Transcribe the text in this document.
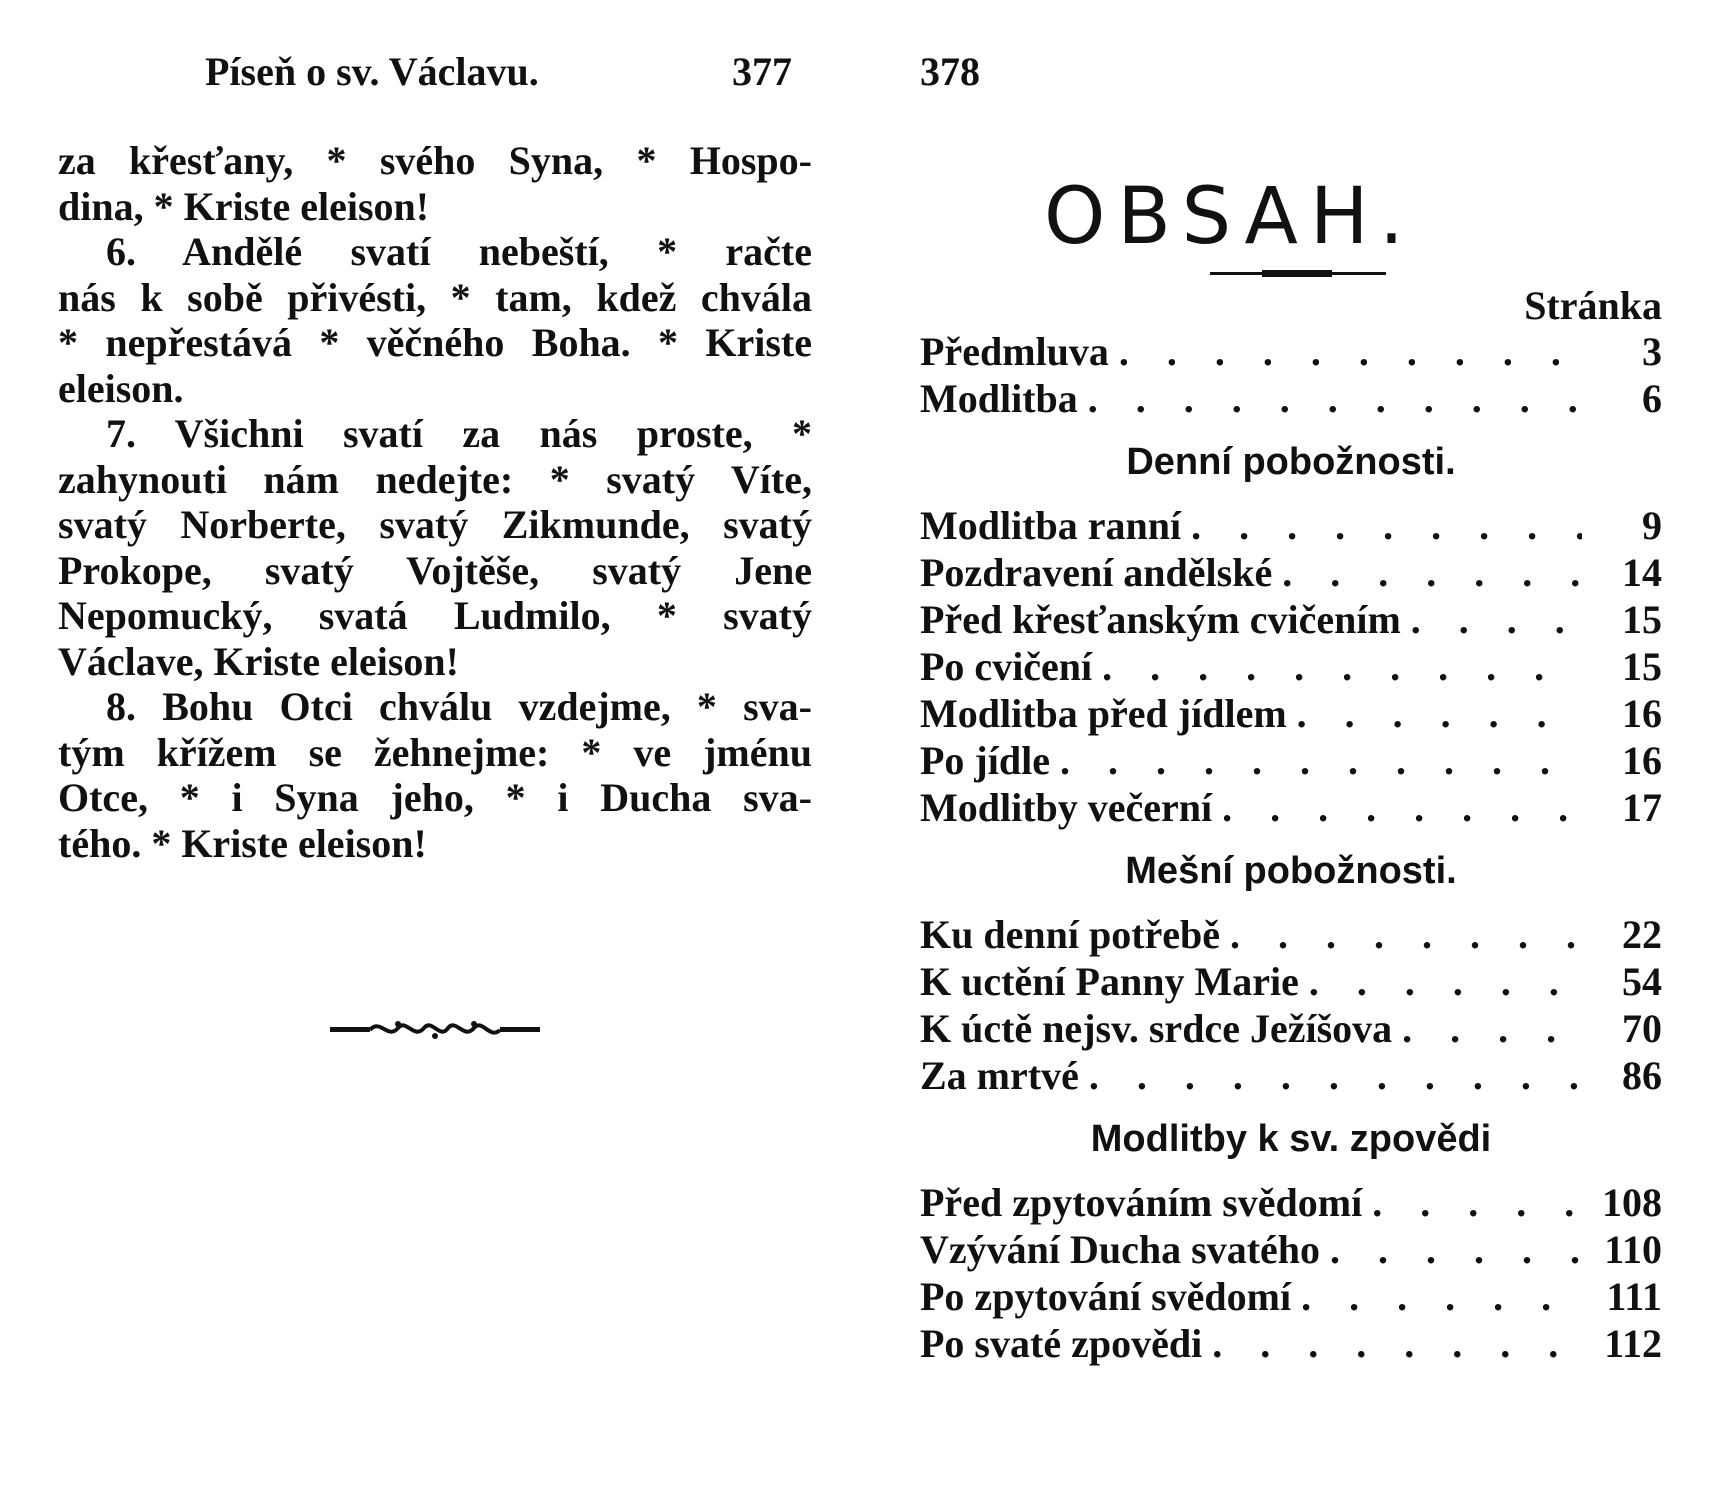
Píseň o sv. Václavu.	377
za křesťany, * svého Syna, * Hospo-
dina, * Kriste eleison!
6. Andělé svatí nebeští, * račte
nás k sobě přivésti, * tam, kdež chvála
* nepřestává * věčného Boha. * Kriste
eleison.
7. Všichni svatí za nás proste, *
zahynouti nám nedejte: * svatý Víte,
svatý Norberte, svatý Zikmunde, svatý
Prokope, svatý Vojtěše, svatý Jene
Nepomucký, svatá Ludmilo, * svatý
Václave, Kriste eleison!
8. Bohu Otci chválu vzdejme, * sva-
tým křížem se žehnejme: * ve jménu
Otce, * i Syna jeho, * i Ducha sva-
tého. * Kriste eleison!
378
OBSAH.
Stránka
Předmluva . . .	3
Modlitba . . .	6
Denní pobožnosti.
Modlitba ranní . . .	9
Pozdravení andělské . . .	14
Před křesťanským cvičením . . .	15
Po cvičení . . .	15
Modlitba před jídlem . . .	16
Po jídle . . .	16
Modlitby večerní . . .	17
Mešní pobožnosti.
Ku denní potřebě . . .	22
K uctění Panny Marie . . .	54
K úctě nejsv. srdce Ježíšova . . .	70
Za mrtvé . . .	86
Modlitby k sv. zpovědi
Před zpytováním svědomí . . .	108
Vzývání Ducha svatého . . .	110
Po zpytování svědomí . . .	111
Po svaté zpovědi . . .	112
